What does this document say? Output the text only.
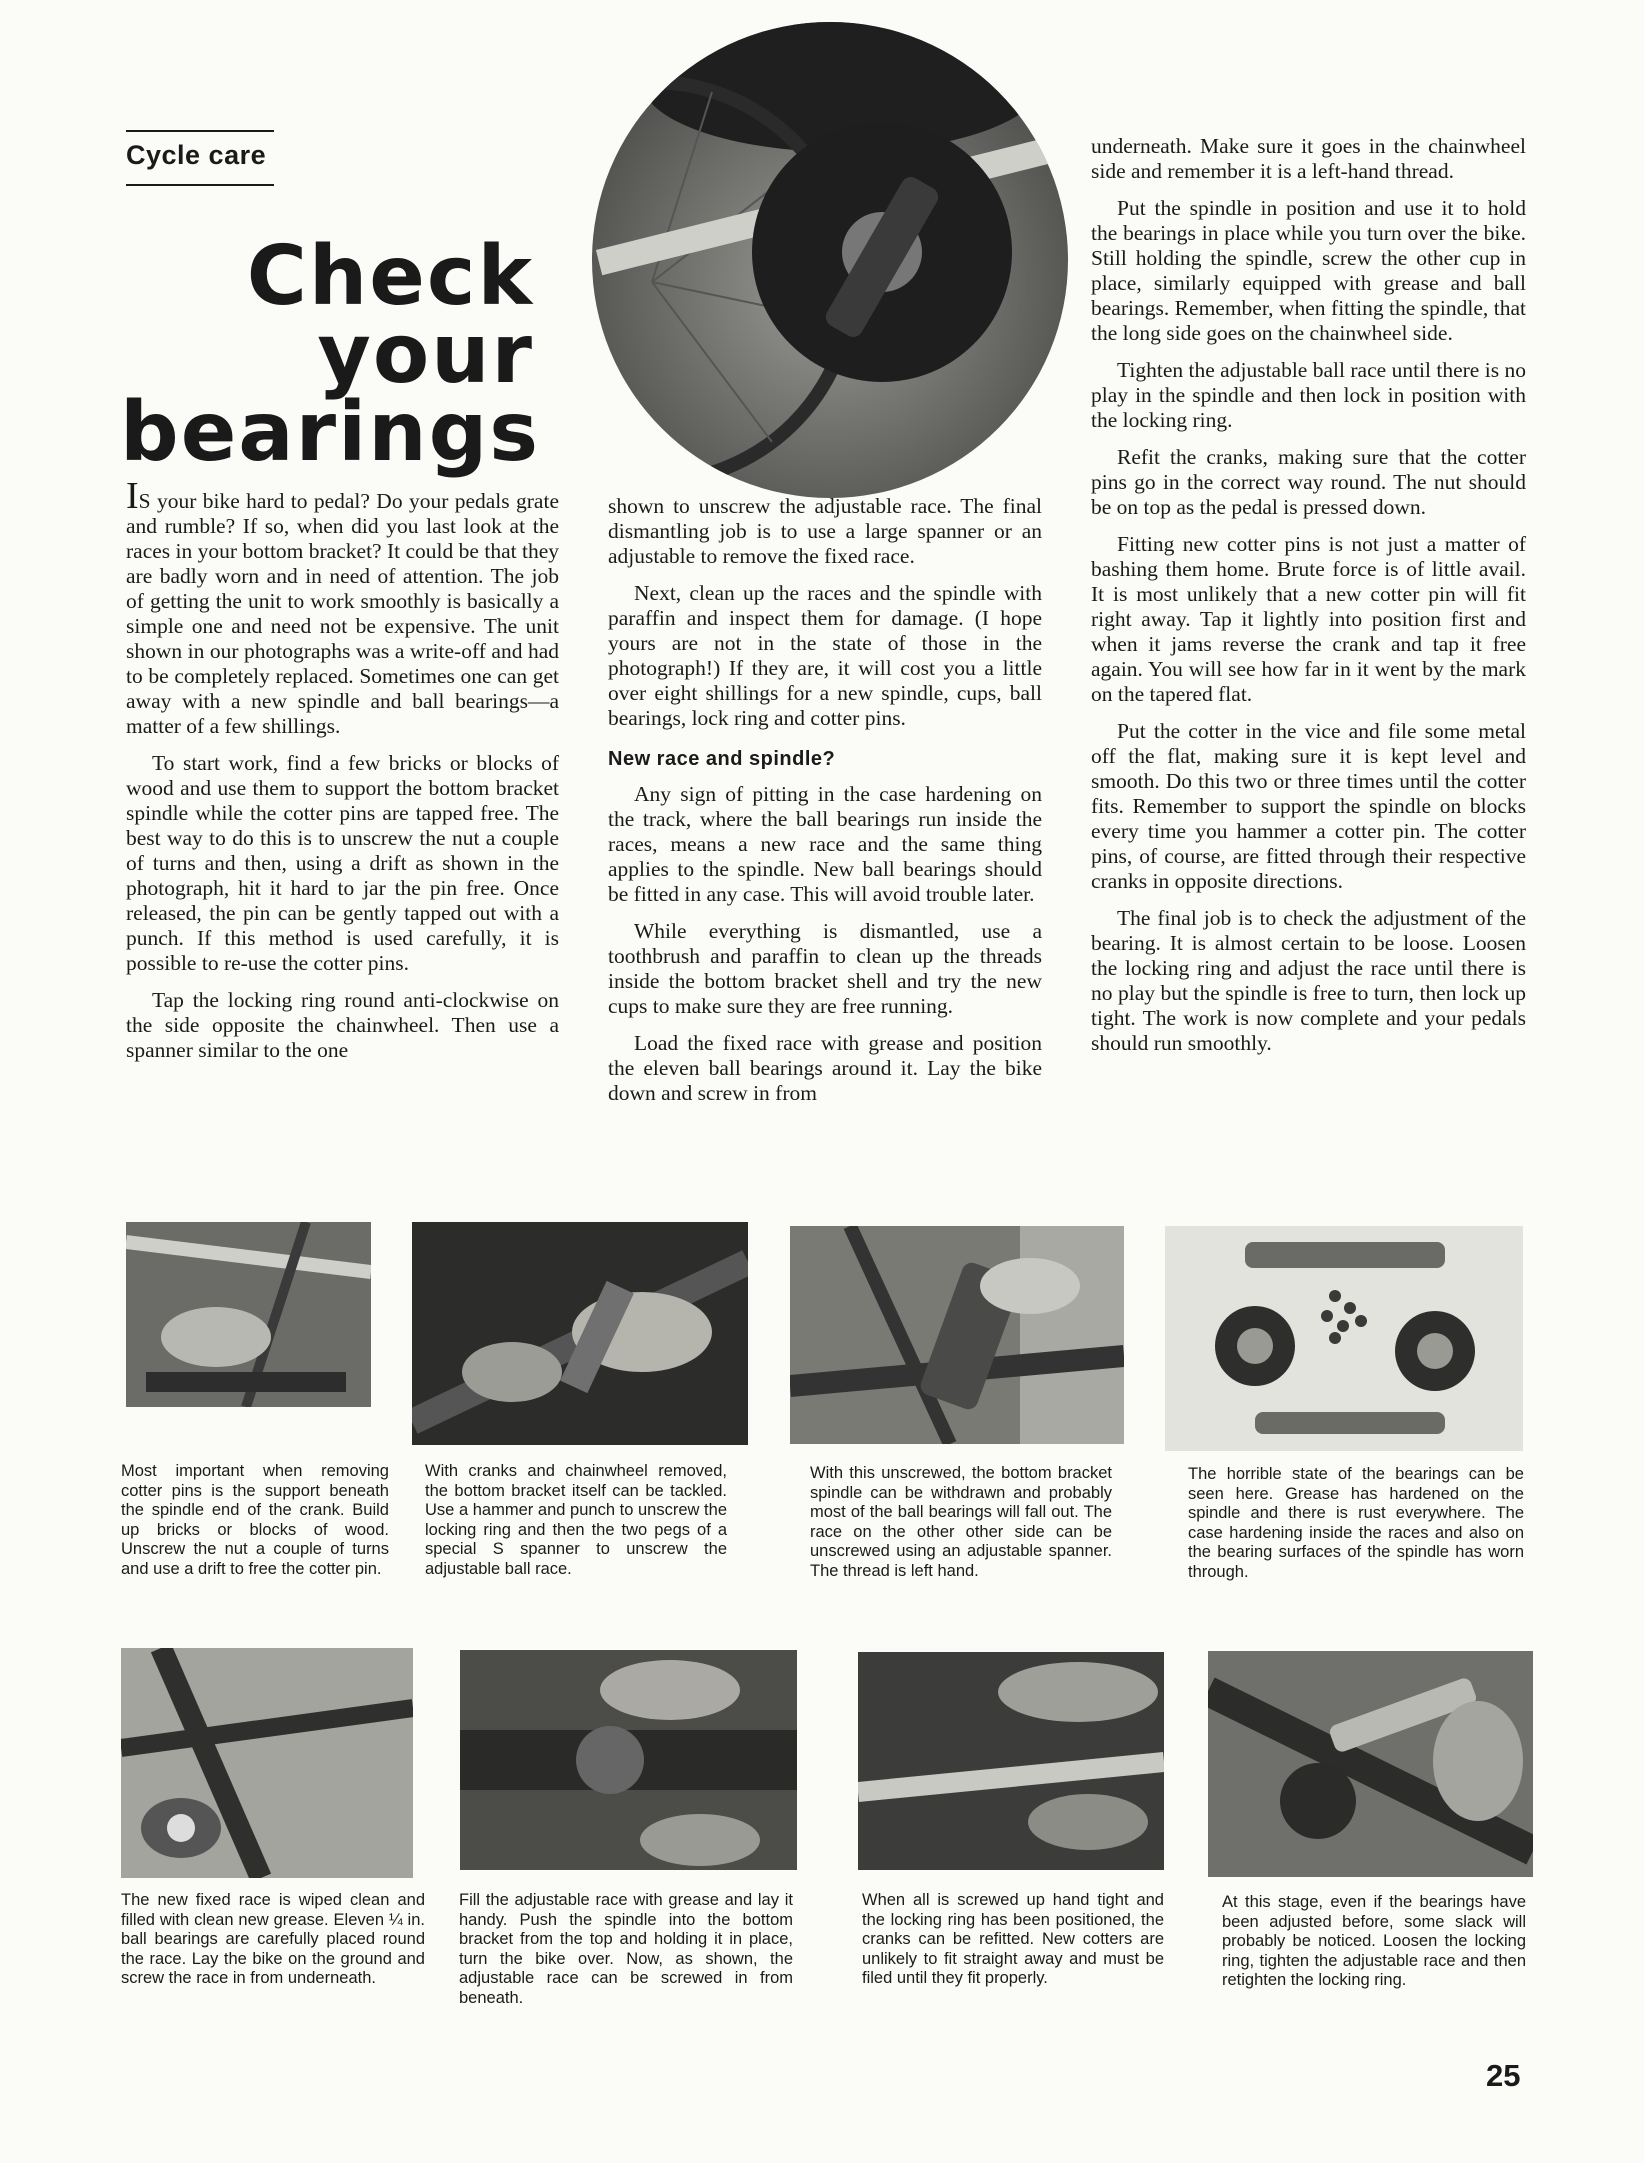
Cycle care
Check
your
bearings

IS your bike hard to pedal? Do your pedals grate and rumble? If so, when did you last look at the races in your bottom bracket? It could be that they are badly worn and in need of attention. The job of getting the unit to work smoothly is basically a simple one and need not be expensive. The unit shown in our photographs was a write-off and had to be completely replaced. Sometimes one can get away with a new spindle and ball bearings—a matter of a few shillings.

To start work, find a few bricks or blocks of wood and use them to support the bottom bracket spindle while the cotter pins are tapped free. The best way to do this is to unscrew the nut a couple of turns and then, using a drift as shown in the photograph, hit it hard to jar the pin free. Once released, the pin can be gently tapped out with a punch. If this method is used carefully, it is possible to re-use the cotter pins.

Tap the locking ring round anti-clockwise on the side opposite the chainwheel. Then use a spanner similar to the one

shown to unscrew the adjustable race. The final dismantling job is to use a large spanner or an adjustable to remove the fixed race.

Next, clean up the races and the spindle with paraffin and inspect them for damage. (I hope yours are not in the state of those in the photograph!) If they are, it will cost you a little over eight shillings for a new spindle, cups, ball bearings, lock ring and cotter pins.

New race and spindle?

Any sign of pitting in the case hardening on the track, where the ball bearings run inside the races, means a new race and the same thing applies to the spindle. New ball bearings should be fitted in any case. This will avoid trouble later.

While everything is dismantled, use a toothbrush and paraffin to clean up the threads inside the bottom bracket shell and try the new cups to make sure they are free running.

Load the fixed race with grease and position the eleven ball bearings around it. Lay the bike down and screw in from

underneath. Make sure it goes in the chainwheel side and remember it is a left-hand thread.

Put the spindle in position and use it to hold the bearings in place while you turn over the bike. Still holding the spindle, screw the other cup in place, similarly equipped with grease and ball bearings. Remember, when fitting the spindle, that the long side goes on the chainwheel side.

Tighten the adjustable ball race until there is no play in the spindle and then lock in position with the locking ring.

Refit the cranks, making sure that the cotter pins go in the correct way round. The nut should be on top as the pedal is pressed down.

Fitting new cotter pins is not just a matter of bashing them home. Brute force is of little avail. It is most unlikely that a new cotter pin will fit right away. Tap it lightly into position first and when it jams reverse the crank and tap it free again. You will see how far in it went by the mark on the tapered flat.

Put the cotter in the vice and file some metal off the flat, making sure it is kept level and smooth. Do this two or three times until the cotter fits. Remember to support the spindle on blocks every time you hammer a cotter pin. The cotter pins, of course, are fitted through their respective cranks in opposite directions.

The final job is to check the adjustment of the bearing. It is almost certain to be loose. Loosen the locking ring and adjust the race until there is no play but the spindle is free to turn, then lock up tight. The work is now complete and your pedals should run smoothly.

Most important when removing cotter pins is the support beneath the spindle end of the crank. Build up bricks or blocks of wood. Unscrew the nut a couple of turns and use a drift to free the cotter pin.
With cranks and chainwheel removed, the bottom bracket itself can be tackled. Use a hammer and punch to unscrew the locking ring and then the two pegs of a special S spanner to unscrew the adjustable ball race.
With this unscrewed, the bottom bracket spindle can be withdrawn and probably most of the ball bearings will fall out. The race on the other other side can be unscrewed using an adjustable spanner. The thread is left hand.
The horrible state of the bearings can be seen here. Grease has hardened on the spindle and there is rust everywhere. The case hardening inside the races and also on the bearing surfaces of the spindle has worn through.
The new fixed race is wiped clean and filled with clean new grease. Eleven ¼ in. ball bearings are carefully placed round the race. Lay the bike on the ground and screw the race in from underneath.
Fill the adjustable race with grease and lay it handy. Push the spindle into the bottom bracket from the top and holding it in place, turn the bike over. Now, as shown, the adjustable race can be screwed in from beneath.
When all is screwed up hand tight and the locking ring has been positioned, the cranks can be refitted. New cotters are unlikely to fit straight away and must be filed until they fit properly.
At this stage, even if the bearings have been adjusted before, some slack will probably be noticed. Loosen the locking ring, tighten the adjustable race and then retighten the locking ring.
25
